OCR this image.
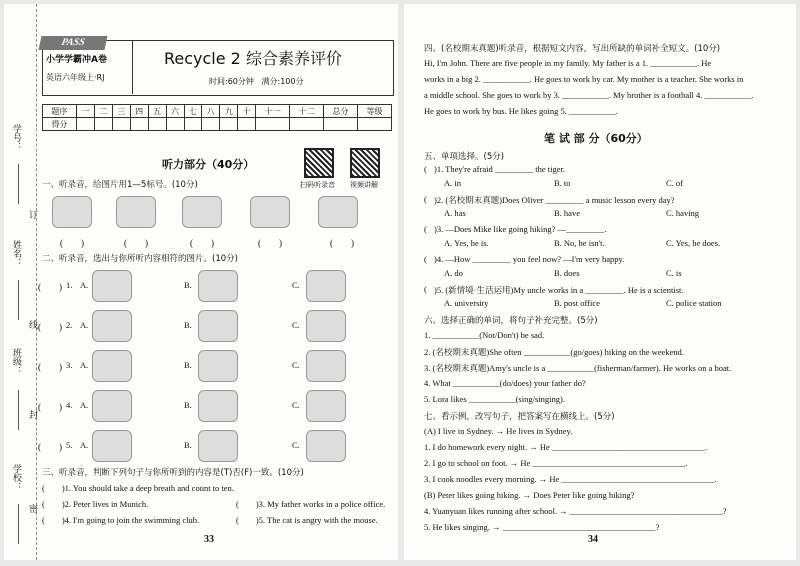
学号：
姓名：
班级：
学校：
订
线
封
密
PASS
小学学霸冲A卷
英语六年级上·RJ
Recycle 2 综合素养评价
时间:60分钟 满分:100分
题序	一	二	三	四	五	六	七	八	九	十	十一	十二	总分	等级
得分														
听力部分（40分）
扫码听录音 视频讲解
一、听录音，给图片用1—5标号。(10分)
(　　)	(　　)	(　　)	(　　)	(　　)
二、听录音，选出与你所听内容相符的图片。(10分)
(　　) 1. A.	B.	C.
(　　) 2. A.	B.	C.
(　　) 3. A.	B.	C.
(　　) 4. A.	B.	C.
(　　) 5. A.	B.	C.
三、听录音，判断下列句子与你所听到的内容是(T)否(F)一致。(10分)
(　　)1. You should take a deep breath and count to ten.
(　　)2. Peter lives in Munich.	(　　)3. My father works in a police office.
(　　)4. I'm going to join the swimming club.	(　　)5. The cat is angry with the mouse.
33
四、(名校期末真题)听录音，根据短文内容，写出所缺的单词补全短文。(10分)
Hi, I'm John. There are five people in my family. My father is a 1. ___________. He
works in a big 2. ___________. He goes to work by car. My mother is a teacher. She works in
a middle school. She goes to work by 3. ___________. My brother is a football 4. ___________.
He goes to work by bus. He likes going 5. ___________.
笔 试 部 分（60分）
五、单项选择。(5分)
( )1. They're afraid _________ the tiger.
A. in	B. to	C. of
( )2. (名校期末真题)Does Oliver _________ a music lesson every day?
A. has	B. have	C. having
( )3. —Does Mike like going hiking? —_________.
A. Yes, he is.	B. No, he isn't.	C. Yes, he does.
( )4. —How _________ you feel now? —I'm very happy.
A. do	B. does	C. is
( )5. (新情境·生活运用)My uncle works in a _________. He is a scientist.
A. university	B. post office	C. police station
六、选择正确的单词，将句子补充完整。(5分)
1. ___________(Not/Don't) be sad.
2. (名校期末真题)She often ___________(go/goes) hiking on the weekend.
3. (名校期末真题)Amy's uncle is a ___________(fisherman/farmer). He works on a boat.
4. What ___________(do/does) your father do?
5. Lora likes ___________(sing/singing).
七、看示例，改写句子，把答案写在横线上。(5分)
(A) I live in Sydney. → He lives in Sydney.
1. I do homework every night. → He ____________________________________.
2. I go to school on foot. → He ____________________________________.
3. I cook noodles every morning. → He ____________________________________.
(B) Peter likes going hiking. → Does Peter like going hiking?
4. Yuanyuan likes running after school. → ____________________________________?
5. He likes singing. → ____________________________________?
34
